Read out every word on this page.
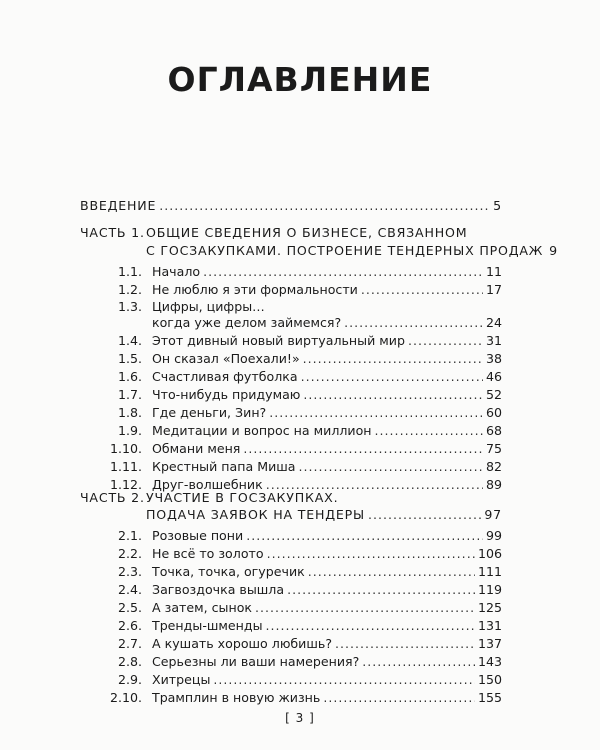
ОГЛАВЛЕНИЕ
ВВЕДЕНИЕ .....	5
ЧАСТЬ 1. ОБЩИЕ СВЕДЕНИЯ О БИЗНЕСЕ, СВЯЗАННОМ
С ГОСЗАКУПКАМИ. ПОСТРОЕНИЕ ТЕНДЕРНЫХ ПРОДАЖ 9
1.1. Начало .....	11
1.2. Не люблю я эти формальности .....	17
1.3. Цифры, цифры…
когда уже делом займемся? .....	24
1.4. Этот дивный новый виртуальный мир .....	31
1.5. Он сказал «Поехали!» .....	38
1.6. Счастливая футболка .....	46
1.7. Что-нибудь придумаю .....	52
1.8. Где деньги, Зин? .....	60
1.9. Медитации и вопрос на миллион .....	68
1.10. Обмани меня .....	75
1.11. Крестный папа Миша .....	82
1.12. Друг-волшебник .....	89
ЧАСТЬ 2. УЧАСТИЕ В ГОСЗАКУПКАХ.
ПОДАЧА ЗАЯВОК НА ТЕНДЕРЫ .....	97
2.1. Розовые пони .....	99
2.2. Не всё то золото .....	106
2.3. Точка, точка, огуречик .....	111
2.4. Загвоздочка вышла .....	119
2.5. А затем, сынок .....	125
2.6. Тренды-шменды .....	131
2.7. А кушать хорошо любишь? .....	137
2.8. Серьезны ли ваши намерения? .....	143
2.9. Хитрецы .....	150
2.10. Трамплин в новую жизнь .....	155
[ 3 ]
